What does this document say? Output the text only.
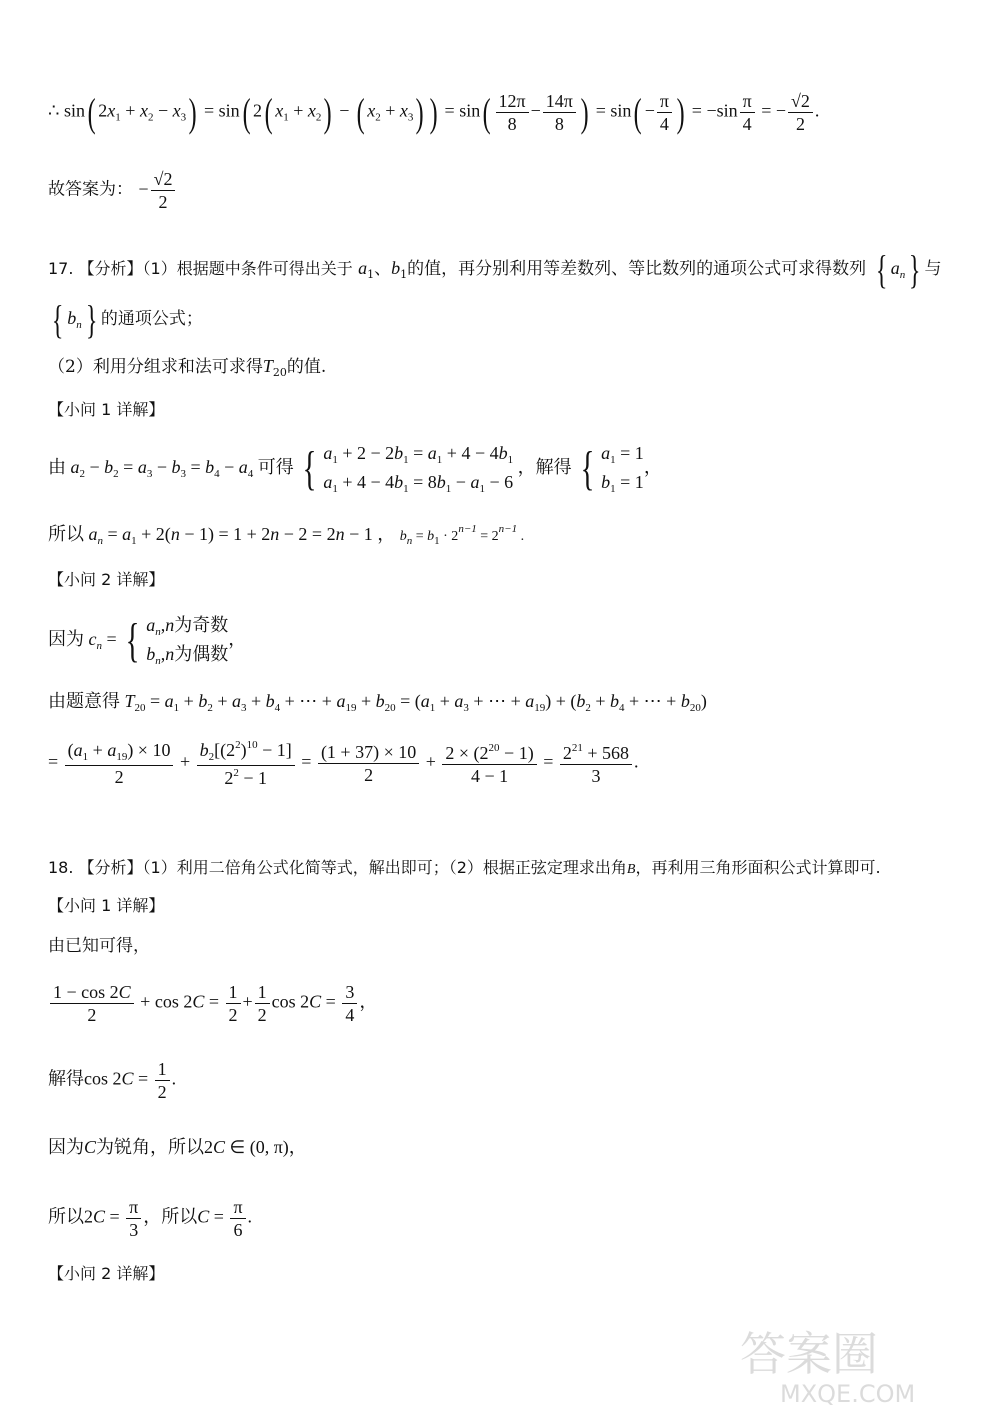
∴ sin( $2x_1 + x_2 - x_3) = \sin$( 2( $x_1 + x_2$) − ( $x_2 + x_3$) ) = $\sin( \frac{12\pi}{8} - \frac{14\pi}{8}$ ) = $\sin( - \frac{\pi}{4}$ ) = $-\sin \frac{\pi}{4}$ = − $\frac{√2}{2}$ .
故答案为： − $\frac{√2}{2}$
17. 【分析】（1）根据题中条件可得出关于 $a_1$、$b_1$的值，再分别利用等差数列、等比数列的通项公式可求得数列 { $a_n$} 与
{ $b_n$} 的通项公式；
（2）利用分组求和法可求得$T_{20}$的值.
【小问 1 详解】
由 $a_2 - b_2 = a_3 - b_3 = b_4 - a_4$ 可得 { $a_1 + 2 - 2b_1 = a_1 + 4 - 4b_1$
$a_1 + 4 - 4b_1 = 8b_1 - a_1 - 6$ ，解得 { $a_1 = 1$
$b_1 = 1$，
所以 $a_n = a_1 + 2(n - 1) = 1 + 2n - 2 = 2n - 1$ ， $b_n = b_1 \cdot 2^{n-1} = 2^{n-1}$ .
【小问 2 详解】
因为 $c_n$ = { $a_n,n$为奇数
$b_n,n$为偶数，
由题意得 $T_{20} = a_1 + b_2 + a_3 + b_4$ + ⋯ + $a_{19} + b_{20} = (a_1 + a_3$ + ⋯ + $a_{19}) + (b_2 + b_4$ + ⋯ + $b_{20}$)
= $\frac{(a_1 + a_{19}) \times 10}{2} + \frac{b_2[(2^2)^{10} - 1]}{2^2 - 1} = \frac{(1 + 37) \times 10}{2} + \frac{2 \times (2^{20} - 1)}{4 - 1} = \frac{2^{21} + 568}{3}$ .
18. 【分析】（1）利用二倍角公式化简等式，解出即可；（2）根据正弦定理求出角B，再利用三角形面积公式计算即可.
【小问 1 详解】
由已知可得，
$\frac{1 - \cos 2C}{2} + \cos 2C = \frac{1}{2} + \frac{1}{2}$ $\cos 2C = \frac{3}{4}$ ，
解得$\cos 2C = \frac{1}{2}$ .
因为C为锐角，所以2C ∈ (0, π)，
所以$2C = \frac{\pi}{3}$ ，所以$C = \frac{\pi}{6}$ .
【小问 2 详解】
答案圈
MXQE.COM
